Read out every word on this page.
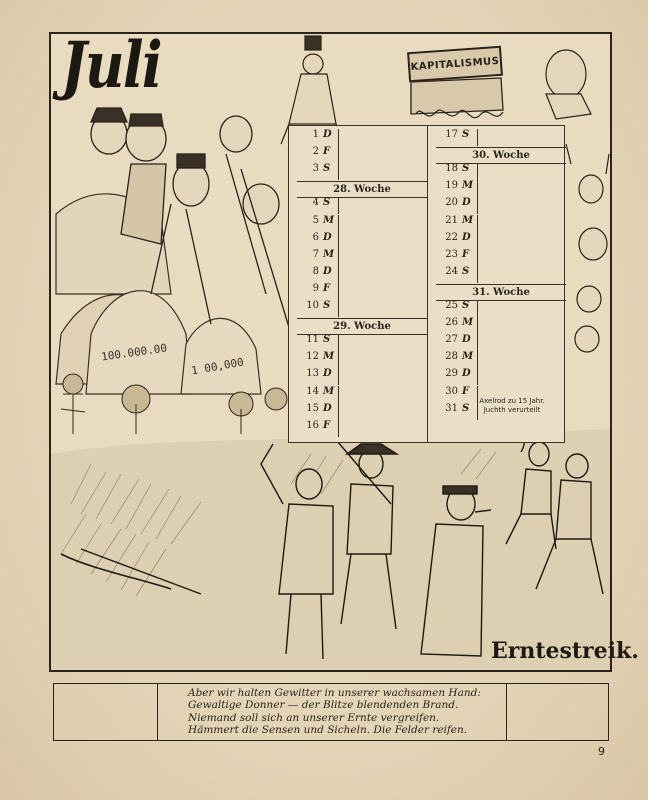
Juli	KAPITALISMUS
100.000.00
1 00,000
Erntestreik.
1 D
2 F
3 S
28. Woche
4 S
5 M
6 D
7 M
8 D
9 F
10 S
29. Woche
11 S
12 M
13 D
14 M
15 D
16 F
17 S
30. Woche
18 S
19 M
20 D
21 M
22 D
23 F
24 S
31. Woche
25 S
26 M
27 D
28 M
29 D
30 F
31 S
Axelrod zu 15 Jahr.
Juchth verurteilt
Aber wir halten Gewitter in unserer wachsamen Hand:
Gewaltige Donner — der Blitze blendenden Brand.
Niemand soll sich an unserer Ernte vergreifen.
Hämmert die Sensen und Sicheln. Die Felder reifen.
9
